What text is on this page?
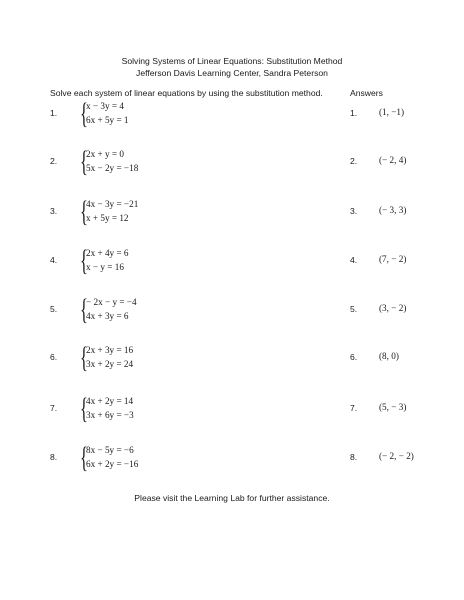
Solving Systems of Linear Equations: Substitution Method
Jefferson Davis Learning Center, Sandra Peterson
Solve each system of linear equations by using the substitution method.	Answers
1. {
x − 3y = 4
6x + 5y = 1
1. (1, −1)
2. {
2x + y = 0
5x − 2y = −18
2. (− 2, 4)
3. {
4x − 3y = −21
x + 5y = 12
3. (− 3, 3)
4. {
2x + 4y = 6
x − y = 16
4. (7, − 2)
5. {
− 2x − y = −4
4x + 3y = 6
5. (3, − 2)
6. {
2x + 3y = 16
3x + 2y = 24
6. (8, 0)
7. {
4x + 2y = 14
3x + 6y = −3
7. (5, − 3)
8. {
8x − 5y = −6
6x + 2y = −16
8. (− 2, − 2)
Please visit the Learning Lab for further assistance.
